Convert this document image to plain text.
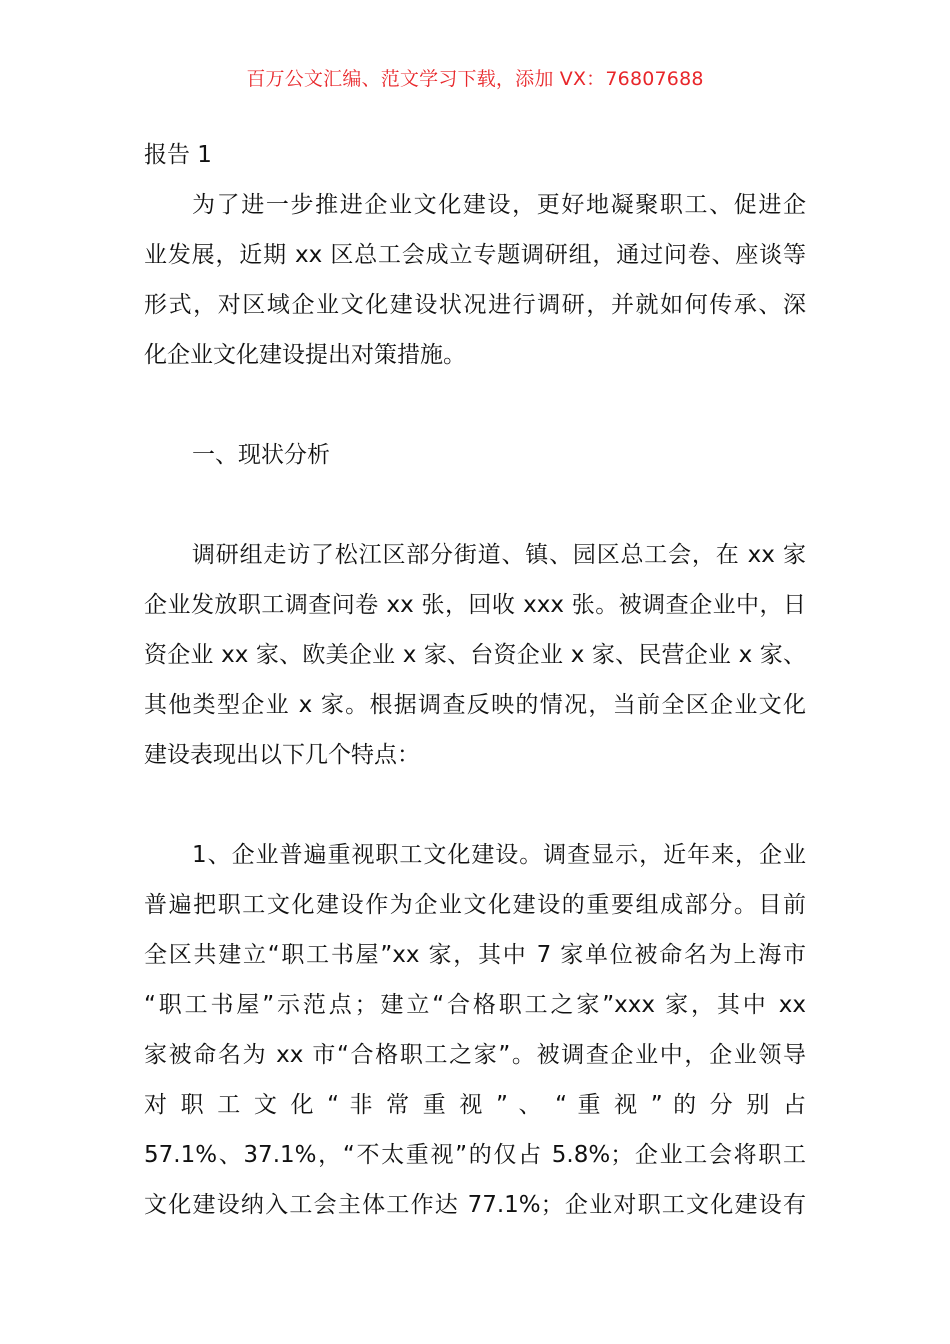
百万公文汇编、范文学习下载，添加 VX：76807688
报告 1
为了进一步推进企业文化建设，更好地凝聚职工、促进企
业发展，近期 xx 区总工会成立专题调研组，通过问卷、座谈等
形式，对区域企业文化建设状况进行调研，并就如何传承、深
化企业文化建设提出对策措施。
一、现状分析
调研组走访了松江区部分街道、镇、园区总工会，在 xx 家
企业发放职工调查问卷 xx 张，回收 xxx 张。被调查企业中，日
资企业 xx 家、欧美企业 x 家、台资企业 x 家、民营企业 x 家、
其他类型企业 x 家。根据调查反映的情况，当前全区企业文化
建设表现出以下几个特点：
1、企业普遍重视职工文化建设。调查显示，近年来，企业
普遍把职工文化建设作为企业文化建设的重要组成部分。目前
全区共建立“职工书屋”xx 家，其中 7 家单位被命名为上海市
“职工书屋”示范点；建立“合格职工之家”xxx 家，其中 xx
家被命名为 xx 市“合格职工之家”。被调查企业中，企业领导
对 职 工 文 化 “ 非 常 重 视 ” 、 “ 重 视 ” 的 分 别 占
57.1%、37.1%，“不太重视”的仅占 5.8%；企业工会将职工
文化建设纳入工会主体工作达 77.1%；企业对职工文化建设有
